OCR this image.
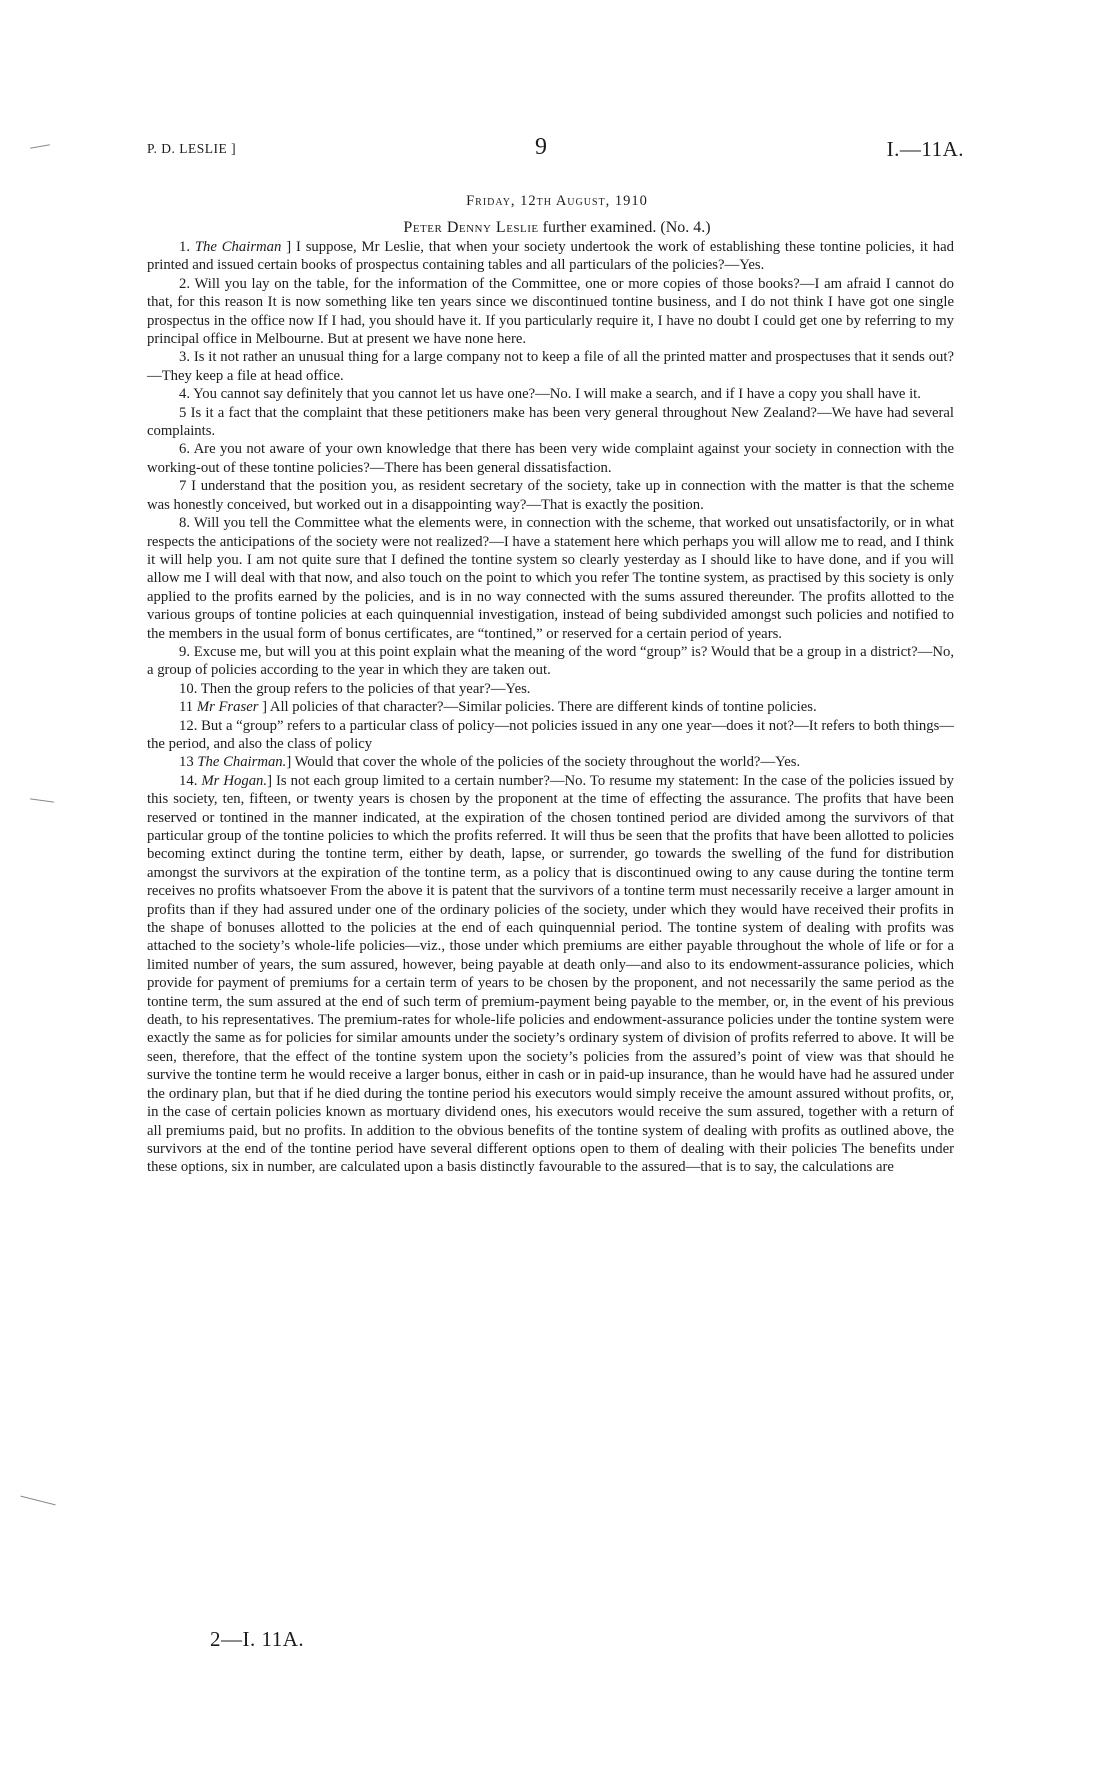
P. D. LESLIE ]	9	I.—11A.
Friday, 12th August, 1910
Peter Denny Leslie further examined. (No. 4.)

1. The Chairman ] I suppose, Mr Leslie, that when your society undertook the work of establishing these tontine policies, it had printed and issued certain books of prospectus containing tables and all particulars of the policies?—Yes.

2. Will you lay on the table, for the information of the Committee, one or more copies of those books?—I am afraid I cannot do that, for this reason It is now something like ten years since we discontinued tontine business, and I do not think I have got one single prospectus in the office now If I had, you should have it. If you particularly require it, I have no doubt I could get one by referring to my principal office in Melbourne. But at present we have none here.

3. Is it not rather an unusual thing for a large company not to keep a file of all the printed matter and prospectuses that it sends out?—They keep a file at head office.

4. You cannot say definitely that you cannot let us have one?—No. I will make a search, and if I have a copy you shall have it.

5 Is it a fact that the complaint that these petitioners make has been very general throughout New Zealand?—We have had several complaints.

6. Are you not aware of your own knowledge that there has been very wide complaint against your society in connection with the working-out of these tontine policies?—There has been general dissatisfaction.

7 I understand that the position you, as resident secretary of the society, take up in connection with the matter is that the scheme was honestly conceived, but worked out in a disappointing way?—That is exactly the position.

8. Will you tell the Committee what the elements were, in connection with the scheme, that worked out unsatisfactorily, or in what respects the anticipations of the society were not realized?—I have a statement here which perhaps you will allow me to read, and I think it will help you. I am not quite sure that I defined the tontine system so clearly yesterday as I should like to have done, and if you will allow me I will deal with that now, and also touch on the point to which you refer The tontine system, as practised by this society is only applied to the profits earned by the policies, and is in no way connected with the sums assured thereunder. The profits allotted to the various groups of tontine policies at each quinquennial investigation, instead of being subdivided amongst such policies and notified to the members in the usual form of bonus certificates, are “tontined,” or reserved for a certain period of years.

9. Excuse me, but will you at this point explain what the meaning of the word “group” is? Would that be a group in a district?—No, a group of policies according to the year in which they are taken out.

10. Then the group refers to the policies of that year?—Yes.

11 Mr Fraser ] All policies of that character?—Similar policies. There are different kinds of tontine policies.

12. But a “group” refers to a particular class of policy—not policies issued in any one year—does it not?—It refers to both things—the period, and also the class of policy

13 The Chairman.] Would that cover the whole of the policies of the society throughout the world?—Yes.

14. Mr Hogan.] Is not each group limited to a certain number?—No. To resume my statement: In the case of the policies issued by this society, ten, fifteen, or twenty years is chosen by the proponent at the time of effecting the assurance. The profits that have been reserved or tontined in the manner indicated, at the expiration of the chosen tontined period are divided among the survivors of that particular group of the tontine policies to which the profits referred. It will thus be seen that the profits that have been allotted to policies becoming extinct during the tontine term, either by death, lapse, or surrender, go towards the swelling of the fund for distribution amongst the survivors at the expiration of the tontine term, as a policy that is discontinued owing to any cause during the tontine term receives no profits whatsoever From the above it is patent that the survivors of a tontine term must necessarily receive a larger amount in profits than if they had assured under one of the ordinary policies of the society, under which they would have received their profits in the shape of bonuses allotted to the policies at the end of each quinquennial period. The tontine system of dealing with profits was attached to the society’s whole-life policies—viz., those under which premiums are either payable throughout the whole of life or for a limited number of years, the sum assured, however, being payable at death only—and also to its endowment-assurance policies, which provide for payment of premiums for a certain term of years to be chosen by the proponent, and not necessarily the same period as the tontine term, the sum assured at the end of such term of premium-payment being payable to the member, or, in the event of his previous death, to his representatives. The premium-rates for whole-life policies and endowment-assurance policies under the tontine system were exactly the same as for policies for similar amounts under the society’s ordinary system of division of profits referred to above. It will be seen, therefore, that the effect of the tontine system upon the society’s policies from the assured’s point of view was that should he survive the tontine term he would receive a larger bonus, either in cash or in paid-up insurance, than he would have had he assured under the ordinary plan, but that if he died during the tontine period his executors would simply receive the amount assured without profits, or, in the case of certain policies known as mortuary dividend ones, his executors would receive the sum assured, together with a return of all premiums paid, but no profits. In addition to the obvious benefits of the tontine system of dealing with profits as outlined above, the survivors at the end of the tontine period have several different options open to them of dealing with their policies The benefits under these options, six in number, are calculated upon a basis distinctly favourable to the assured—that is to say, the calculations are

2—I. 11A.
